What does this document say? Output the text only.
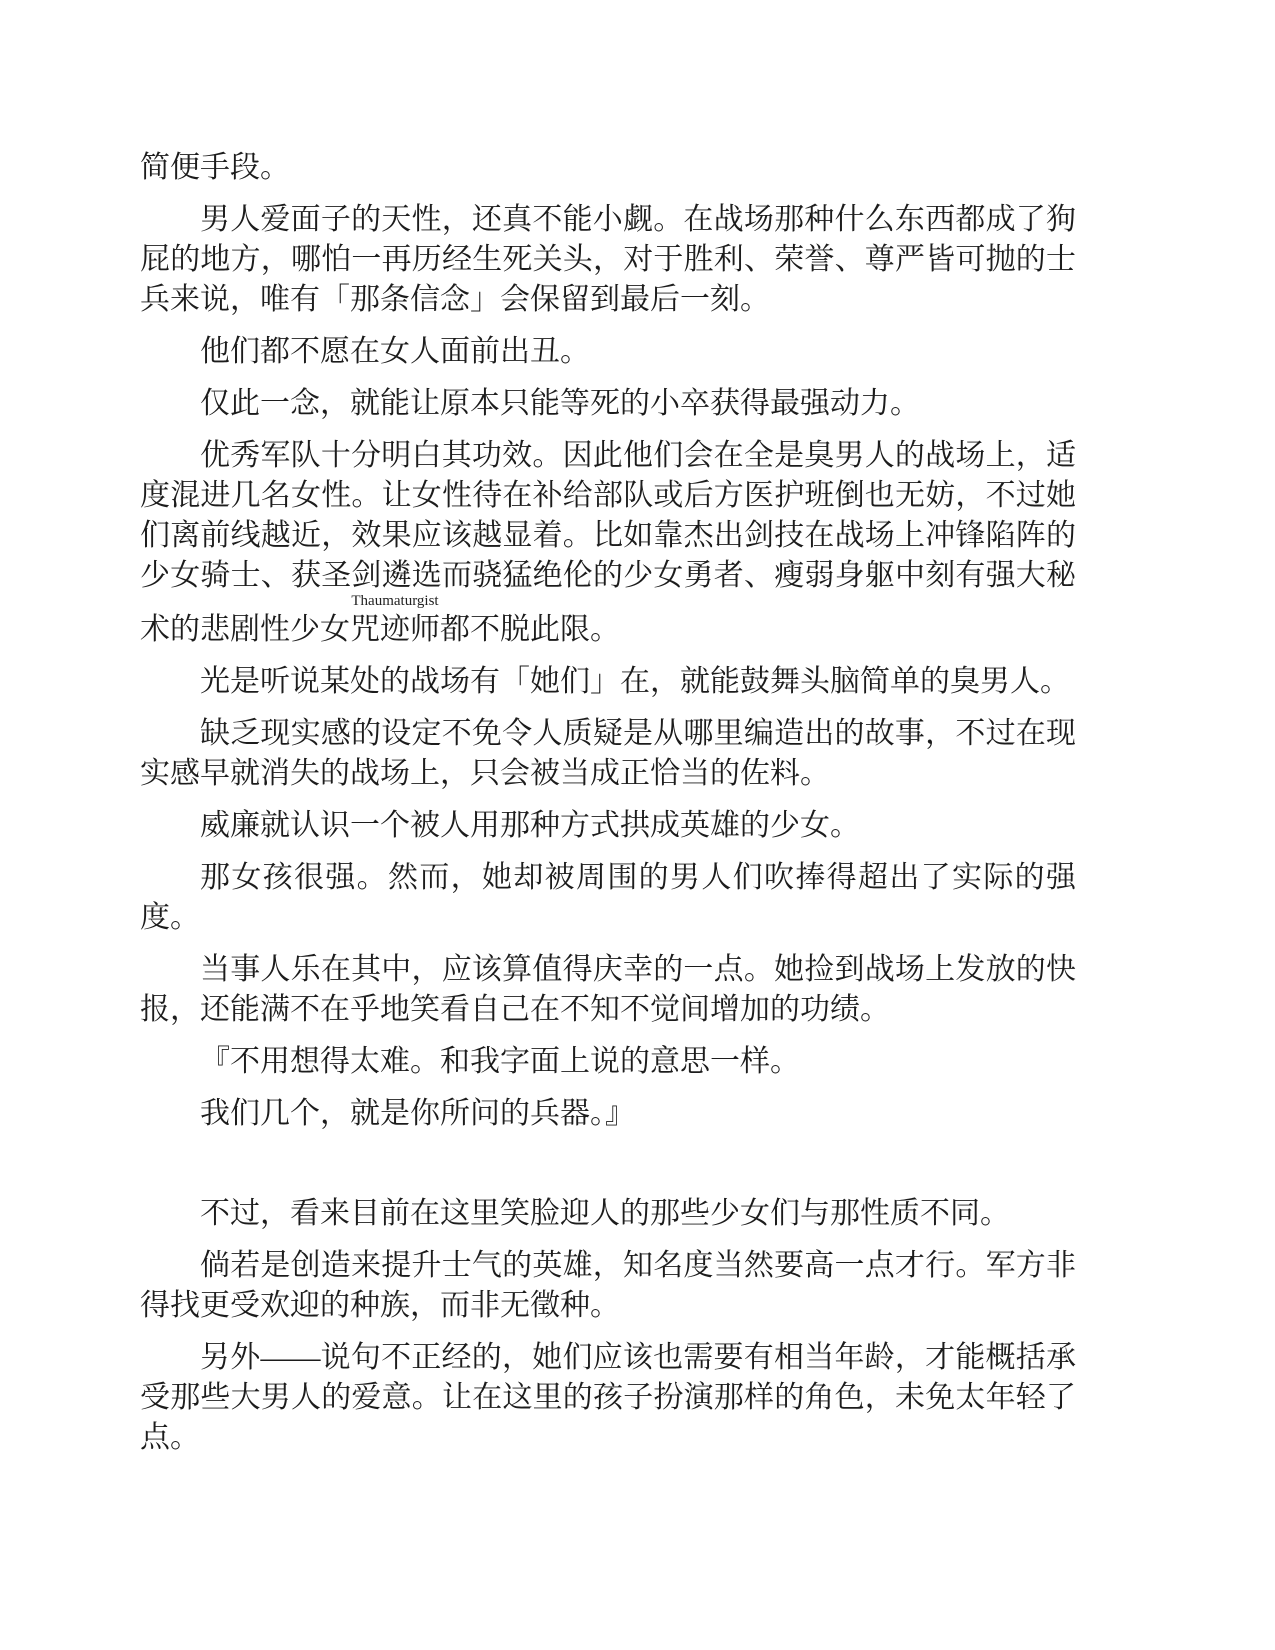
简便手段。
男人爱面子的天性，还真不能小觑。在战场那种什么东西都成了狗
屁的地方，哪怕一再历经生死关头，对于胜利、荣誉、尊严皆可抛的士
兵来说，唯有「那条信念」会保留到最后一刻。
他们都不愿在女人面前出丑。
仅此一念，就能让原本只能等死的小卒获得最强动力。
优秀军队十分明白其功效。因此他们会在全是臭男人的战场上，适
度混进几名女性。让女性待在补给部队或后方医护班倒也无妨，不过她
们离前线越近，效果应该越显着。比如靠杰出剑技在战场上冲锋陷阵的
少女骑士、获圣剑遴选而骁猛绝伦的少女勇者、瘦弱身躯中刻有强大秘
术的悲剧性少女咒迹师
Thaumaturgist
都不脱此限。
光是听说某处的战场有「她们」在，就能鼓舞头脑简单的臭男人。
缺乏现实感的设定不免令人质疑是从哪里编造出的故事，不过在现
实感早就消失的战场上，只会被当成正恰当的佐料。
威廉就认识一个被人用那种方式拱成英雄的少女。
那女孩很强。然而，她却被周围的男人们吹捧得超出了实际的强
度。
当事人乐在其中，应该算值得庆幸的一点。她捡到战场上发放的快
报，还能满不在乎地笑看自己在不知不觉间增加的功绩。
『不用想得太难。和我字面上说的意思一样。
我们几个，就是你所问的兵器。』
不过，看来目前在这里笑脸迎人的那些少女们与那性质不同。
倘若是创造来提升士气的英雄，知名度当然要高一点才行。军方非
得找更受欢迎的种族，而非无徵种。
另外——说句不正经的，她们应该也需要有相当年龄，才能概括承
受那些大男人的爱意。让在这里的孩子扮演那样的角色，未免太年轻了
点。
